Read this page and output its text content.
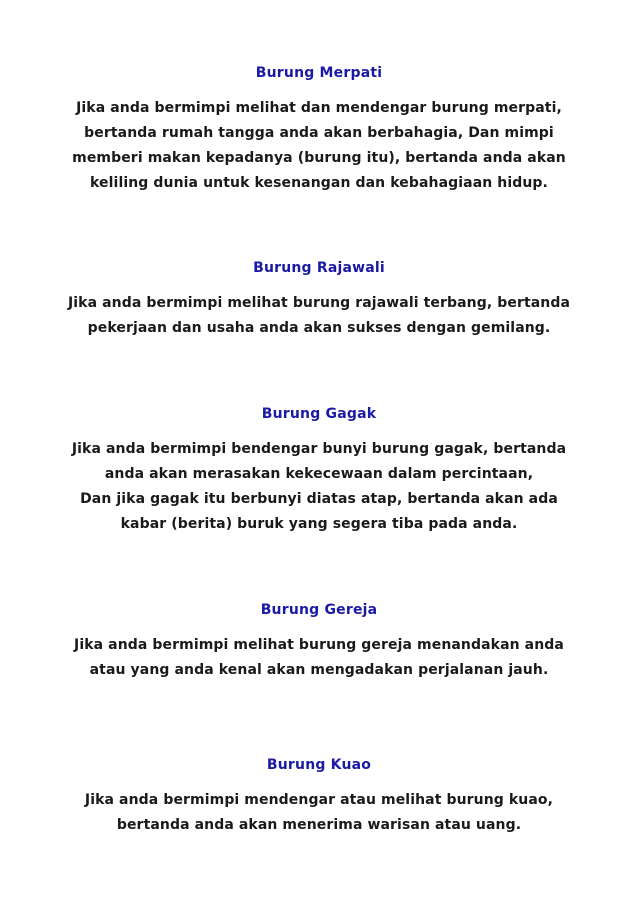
Burung Merpati
Jika anda bermimpi melihat dan mendengar burung merpati,
bertanda rumah tangga anda akan berbahagia, Dan mimpi
memberi makan kepadanya (burung itu), bertanda anda akan
keliling dunia untuk kesenangan dan kebahagiaan hidup.
Burung Rajawali
Jika anda bermimpi melihat burung rajawali terbang, bertanda
pekerjaan dan usaha anda akan sukses dengan gemilang.
Burung Gagak
Jika anda bermimpi bendengar bunyi burung gagak, bertanda
anda akan merasakan kekecewaan dalam percintaan,
Dan jika gagak itu berbunyi diatas atap, bertanda akan ada
kabar (berita) buruk yang segera tiba pada anda.
Burung Gereja
Jika anda bermimpi melihat burung gereja menandakan anda
atau yang anda kenal akan mengadakan perjalanan jauh.
Burung Kuao
Jika anda bermimpi mendengar atau melihat burung kuao,
bertanda anda akan menerima warisan atau uang.
